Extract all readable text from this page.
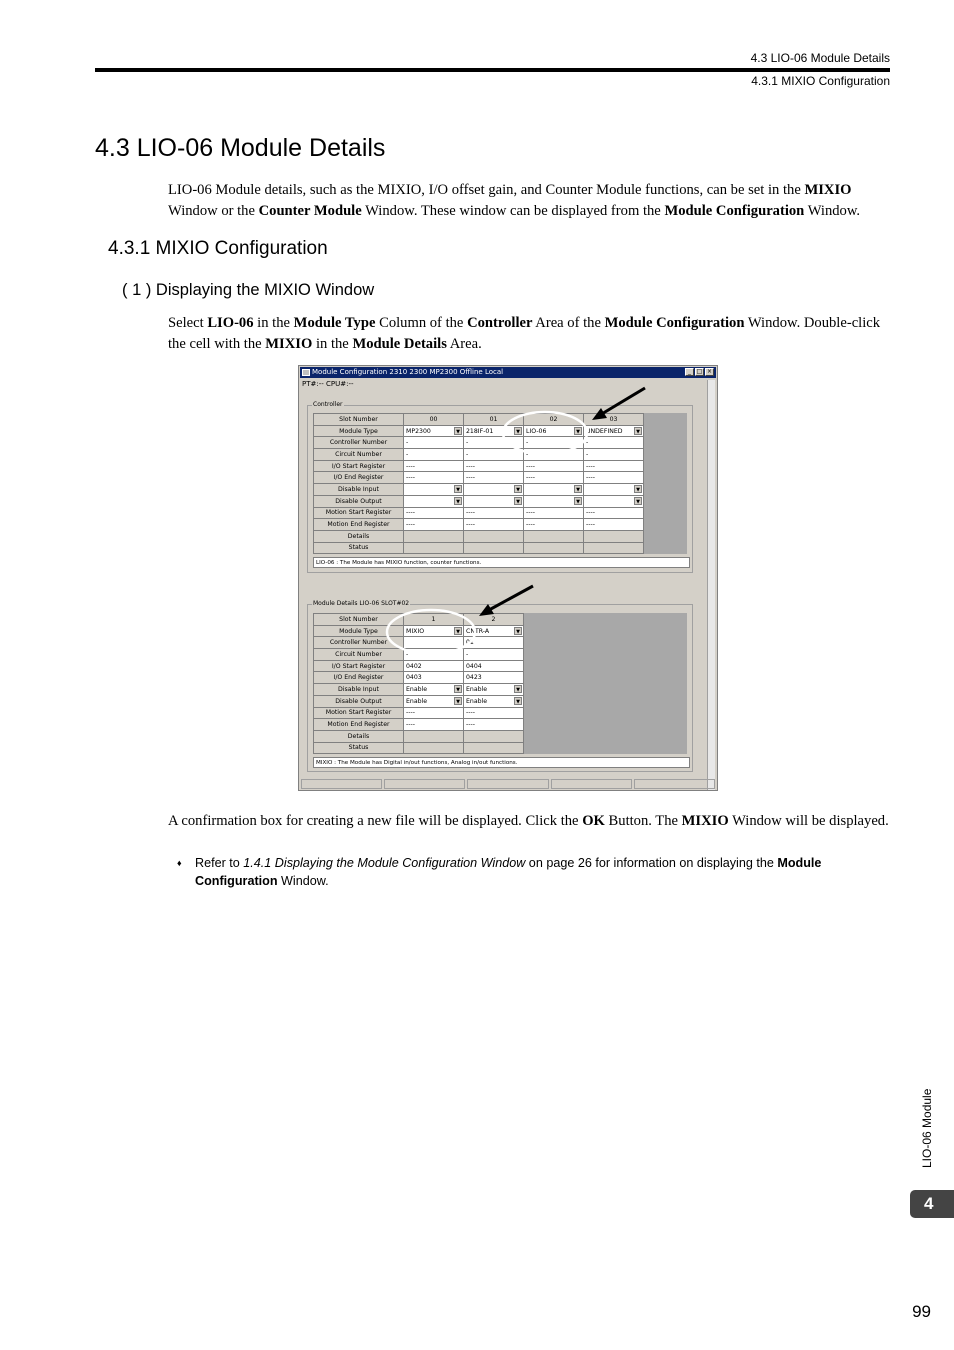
4.3 LIO-06 Module Details
4.3.1 MIXIO Configuration
4.3 LIO-06 Module Details

LIO-06 Module details, such as the MIXIO, I/O offset gain, and Counter Module functions, can be set in the MIXIO Window or the Counter Module Window. These window can be displayed from the Module Configuration Window.

4.3.1 MIXIO Configuration
( 1 ) Displaying the MIXIO Window

Select LIO-06 in the Module Type Column of the Controller Area of the Module Configuration Window. Double-click the cell with the MIXIO in the Module Details Area.

Module Configuration 2310 2300 MP2300 Offline Local	_ □ ×
PT#:-- CPU#:--
Controller
Slot Number	00	01	02	03
Module Type	MP2300 ▼	218IF-01 ▼	LIO-06 ▼	UNDEFINED ▼

Controller Number	-	-	-	-
Circuit Number	-	-	-	-
I/O Start Register	----	----	----	----
I/O End Register	----	----	----	----
Disable Input	▼	▼	▼	▼

Disable Output	▼	▼	▼	▼

Motion Start Register	----	----	----	----
Motion End Register	----	----	----	----
Details				
Status				
LIO-06 : The Module has MIXIO function, counter functions.
Module Details LIO-06 SLOT#02
Slot Number	1	2
Module Type	MIXIO ▼	CNTR-A ▼

Controller Number		01
Circuit Number	-	-
I/O Start Register	0402	0404
I/O End Register	0403	0423
Disable Input	Enable ▼	Enable ▼

Disable Output	Enable ▼	Enable ▼

Motion Start Register	----	----
Motion End Register	----	----
Details		
Status		
MIXIO : The Module has Digital in/out functions, Analog in/out functions.

A confirmation box for creating a new file will be displayed. Click the OK Button. The MIXIO Window will be displayed.

♦ Refer to 1.4.1 Displaying the Module Configuration Window on page 26 for information on displaying the Module Configuration Window.
LIO-06 Module
4
99
